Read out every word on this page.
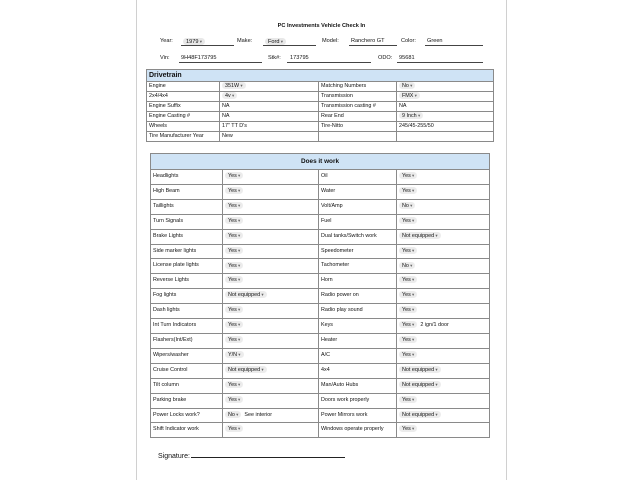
PC Investments Vehicle Check In
Year:	1979 ▾	Make:	Ford ▾	Model: Ranchero GT	Color: Green
Vin: 9H48F173795	Stk#: 173795	ODO: 95681
Drivetrain			
Engine	351W ▾	Matching Numbers	No ▾
2x4/4x4	4v ▾	Transmission	FMX ▾
Engine Suffix	NA	Transmission casting #	NA
Engine Casting #	NA	Rear End	9 Inch ▾
Wheels	17" TT D's	Tire-Nitto	245/45-255/50
Tire Manufacturer Year	New		
Does it work			
Headlights	Yes ▾	Oil	Yes ▾
High Beam	Yes ▾	Water	Yes ▾
Taillights	Yes ▾	Volt/Amp	No ▾
Turn Signals	Yes ▾	Fuel	Yes ▾
Brake Lights	Yes ▾	Dual tanks/Switch work	Not equipped ▾
Side marker lights	Yes ▾	Speedometer	Yes ▾
License plate lights	Yes ▾	Tachometer	No ▾
Reverse Lights	Yes ▾	Horn	Yes ▾
Fog lights	Not equipped ▾	Radio power on	Yes ▾
Dash lights	Yes ▾	Radio play sound	Yes ▾
Int Turn Indicators	Yes ▾	Keys	Yes ▾ 2 ign/1 door
Flashers(Int/Ext)	Yes ▾	Heater	Yes ▾
Wipers/washer	Y/N ▾	A/C	Yes ▾
Cruise Control	Not equipped ▾	4x4	Not equipped ▾
Tilt column	Yes ▾	Man/Auto Hubs	Not equipped ▾
Parking brake	Yes ▾	Doors work properly	Yes ▾
Power Locks work?	No ▾ See interior	Power Mirrors work	Not equipped ▾
Shift Indicator work	Yes ▾	Windows operate properly	Yes ▾
Signature:
